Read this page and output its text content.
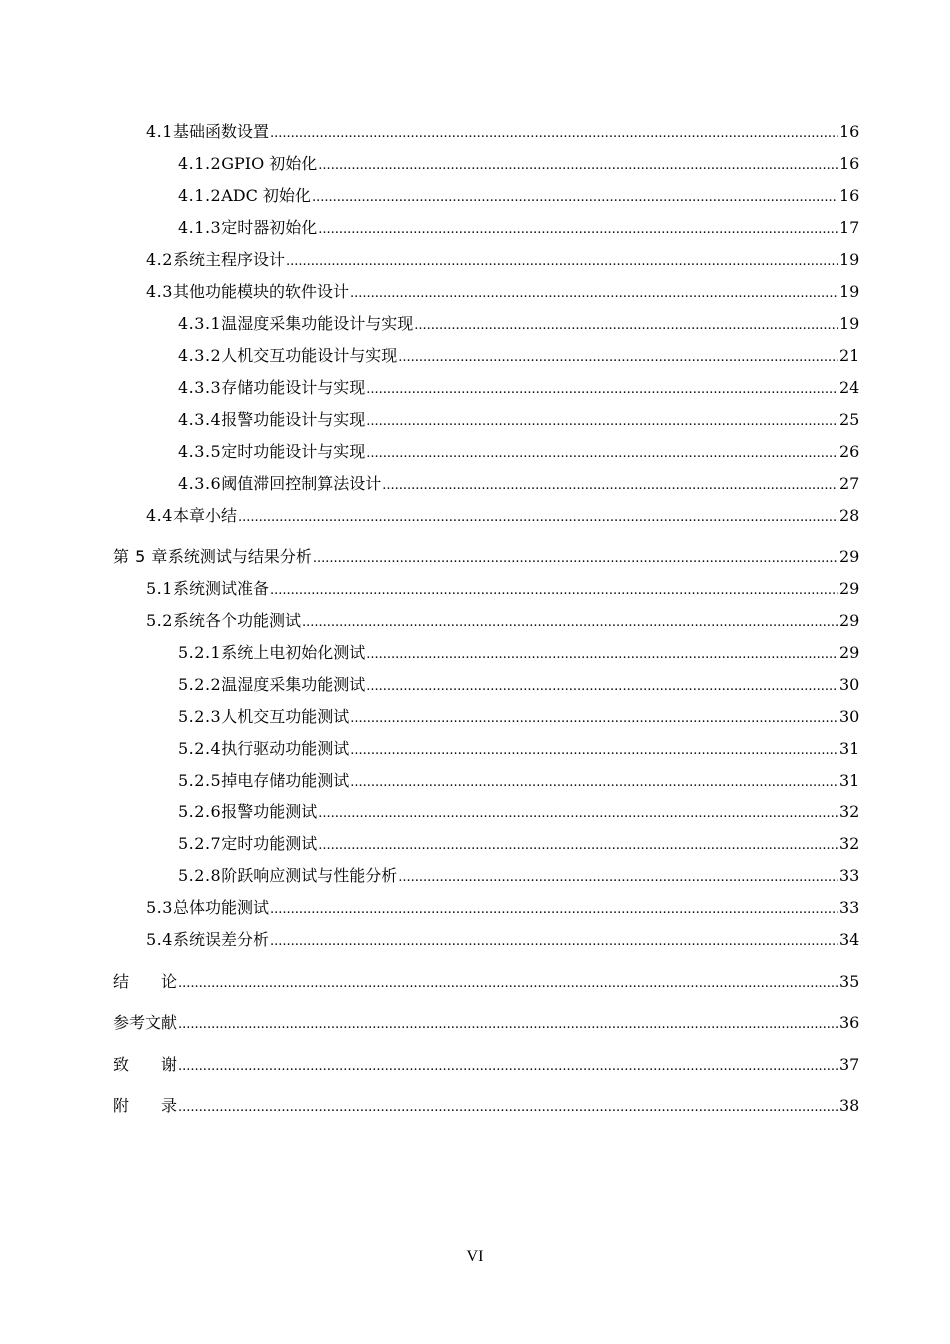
4.1 基础函数设置 .....	16
4.1.2 GPIO 初始化 .....	16
4.1.2 ADC 初始化 .....	16
4.1.3 定时器初始化 .....	17
4.2 系统主程序设计 .....	19
4.3 其他功能模块的软件设计 .....	19
4.3.1 温湿度采集功能设计与实现 .....	19
4.3.2 人机交互功能设计与实现 .....	21
4.3.3 存储功能设计与实现 .....	24
4.3.4 报警功能设计与实现 .....	25
4.3.5 定时功能设计与实现 .....	26
4.3.6 阈值滞回控制算法设计 .....	27
4.4 本章小结 .....	28
第 5 章 系统测试与结果分析 .....	29
5.1 系统测试准备 .....	29
5.2 系统各个功能测试 .....	29
5.2.1 系统上电初始化测试 .....	29
5.2.2 温湿度采集功能测试 .....	30
5.2.3 人机交互功能测试 .....	30
5.2.4 执行驱动功能测试 .....	31
5.2.5 掉电存储功能测试 .....	31
5.2.6 报警功能测试 .....	32
5.2.7 定时功能测试 .....	32
5.2.8 阶跃响应测试与性能分析 .....	33
5.3 总体功能测试 .....	33
5.4 系统误差分析 .....	34
结　　论 .....	35
参考文献 .....	36
致　　谢 .....	37
附　　录 .....	38
VI
